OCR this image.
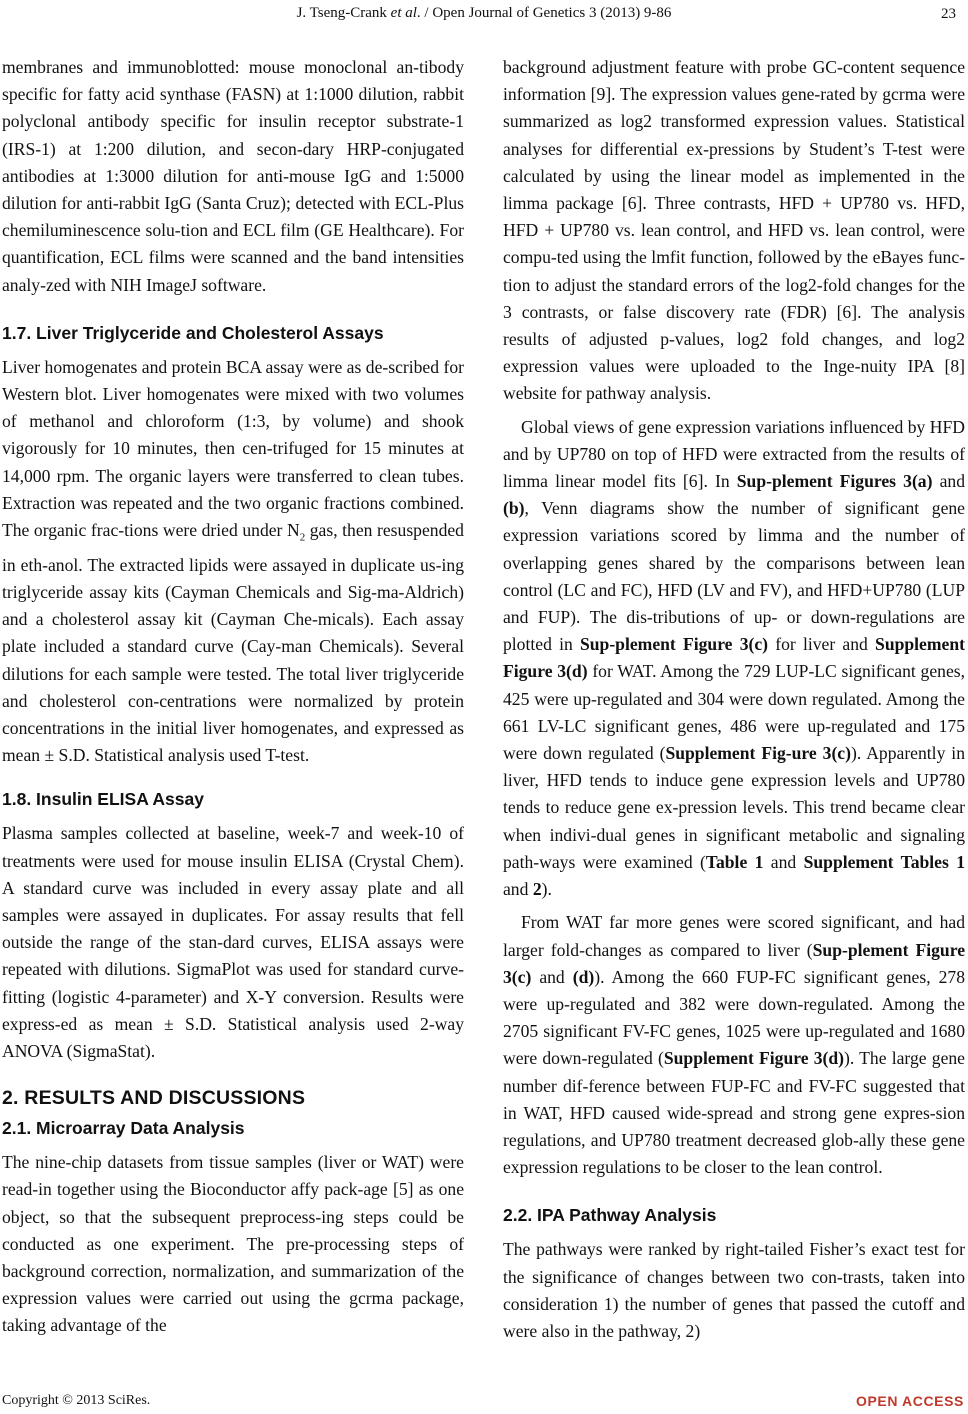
J. Tseng-Crank et al. / Open Journal of Genetics 3 (2013) 9-86	23

membranes and immunoblotted: mouse monoclonal an-tibody specific for fatty acid synthase (FASN) at 1:1000 dilution, rabbit polyclonal antibody specific for insulin receptor substrate-1 (IRS-1) at 1:200 dilution, and secon-dary HRP-conjugated antibodies at 1:3000 dilution for anti-mouse IgG and 1:5000 dilution for anti-rabbit IgG (Santa Cruz); detected with ECL-Plus chemiluminescence solu-tion and ECL film (GE Healthcare). For quantification, ECL films were scanned and the band intensities analy-zed with NIH ImageJ software.

1.7. Liver Triglyceride and Cholesterol Assays

Liver homogenates and protein BCA assay were as de-scribed for Western blot. Liver homogenates were mixed with two volumes of methanol and chloroform (1:3, by volume) and shook vigorously for 10 minutes, then cen-trifuged for 15 minutes at 14,000 rpm. The organic layers were transferred to clean tubes. Extraction was repeated and the two organic fractions combined. The organic frac-tions were dried under $N_2$ gas, then resuspended in eth-anol. The extracted lipids were assayed in duplicate us-ing triglyceride assay kits (Cayman Chemicals and Sig-ma-Aldrich) and a cholesterol assay kit (Cayman Che-micals). Each assay plate included a standard curve (Cay-man Chemicals). Several dilutions for each sample were tested. The total liver triglyceride and cholesterol con-centrations were normalized by protein concentrations in the initial liver homogenates, and expressed as mean ± S.D. Statistical analysis used T-test.

1.8. Insulin ELISA Assay

Plasma samples collected at baseline, week-7 and week-10 of treatments were used for mouse insulin ELISA (Crystal Chem). A standard curve was included in every assay plate and all samples were assayed in duplicates. For assay results that fell outside the range of the stan-dard curves, ELISA assays were repeated with dilutions. SigmaPlot was used for standard curve-fitting (logistic 4-parameter) and X-Y conversion. Results were express-ed as mean ± S.D. Statistical analysis used 2-way ANOVA (SigmaStat).

2. RESULTS AND DISCUSSIONS
2.1. Microarray Data Analysis

The nine-chip datasets from tissue samples (liver or WAT) were read-in together using the Bioconductor affy pack-age [5] as one object, so that the subsequent preprocess-ing steps could be conducted as one experiment. The pre-processing steps of background correction, normalization, and summarization of the expression values were carried out using the gcrma package, taking advantage of the

background adjustment feature with probe GC-content sequence information [9]. The expression values gene-rated by gcrma were summarized as log2 transformed expression values. Statistical analyses for differential ex-pressions by Student’s T-test were calculated by using the linear model as implemented in the limma package [6]. Three contrasts, HFD + UP780 vs. HFD, HFD + UP780 vs. lean control, and HFD vs. lean control, were compu-ted using the lmfit function, followed by the eBayes func-tion to adjust the standard errors of the log2-fold changes for the 3 contrasts, or false discovery rate (FDR) [6]. The analysis results of adjusted p-values, log2 fold changes, and log2 expression values were uploaded to the Inge-nuity IPA [8] website for pathway analysis.

Global views of gene expression variations influenced by HFD and by UP780 on top of HFD were extracted from the results of limma linear model fits [6]. In Sup-plement Figures 3(a) and (b), Venn diagrams show the number of significant gene expression variations scored by limma and the number of overlapping genes shared by the comparisons between lean control (LC and FC), HFD (LV and FV), and HFD+UP780 (LUP and FUP). The dis-tributions of up- or down-regulations are plotted in Sup-plement Figure 3(c) for liver and Supplement Figure 3(d) for WAT. Among the 729 LUP-LC significant genes, 425 were up-regulated and 304 were down regulated. Among the 661 LV-LC significant genes, 486 were up-regulated and 175 were down regulated (Supplement Fig-ure 3(c)). Apparently in liver, HFD tends to induce gene expression levels and UP780 tends to reduce gene ex-pression levels. This trend became clear when indivi-dual genes in significant metabolic and signaling path-ways were examined (Table 1 and Supplement Tables 1 and 2).

From WAT far more genes were scored significant, and had larger fold-changes as compared to liver (Sup-plement Figure 3(c) and (d)). Among the 660 FUP-FC significant genes, 278 were up-regulated and 382 were down-regulated. Among the 2705 significant FV-FC genes, 1025 were up-regulated and 1680 were down-regulated (Supplement Figure 3(d)). The large gene number dif-ference between FUP-FC and FV-FC suggested that in WAT, HFD caused wide-spread and strong gene expres-sion regulations, and UP780 treatment decreased glob-ally these gene expression regulations to be closer to the lean control.

2.2. IPA Pathway Analysis

The pathways were ranked by right-tailed Fisher’s exact test for the significance of changes between two con-trasts, taken into consideration 1) the number of genes that passed the cutoff and were also in the pathway, 2)

Copyright © 2013 SciRes.	OPEN ACCESS
